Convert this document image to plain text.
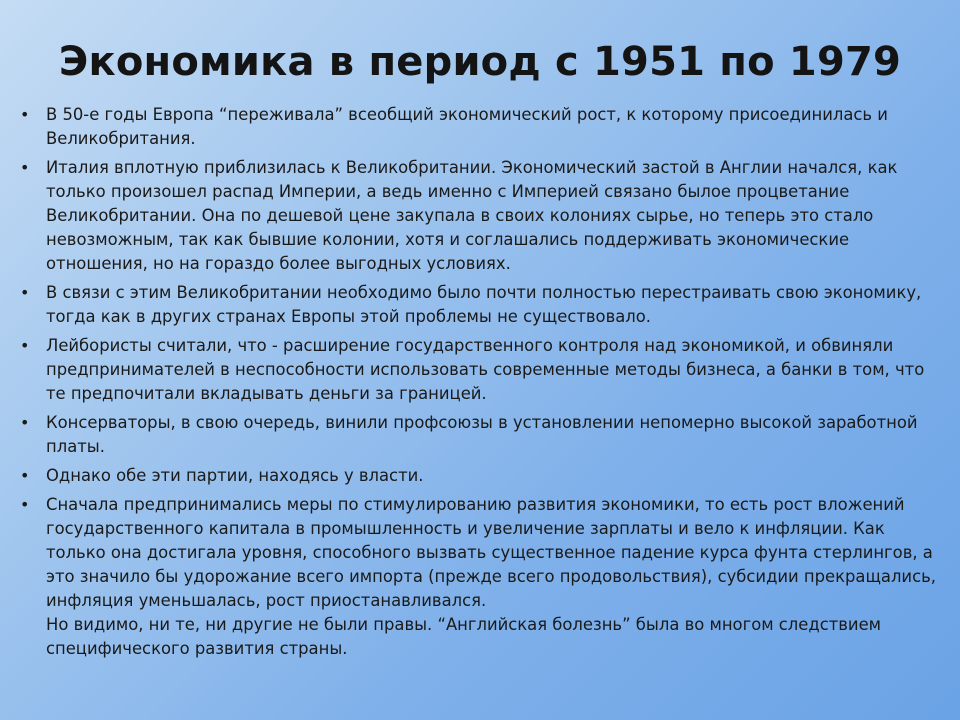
Экономика в период с 1951 по 1979
• В 50-е годы Европа “переживала” всеобщий экономический рост, к которому присоединилась и Великобритания.
• Италия вплотную приблизилась к Великобритании. Экономический застой в Англии начался, как только произошел распад Империи, а ведь именно с Империей связано былое процветание Великобритании. Она по дешевой цене закупала в своих колониях сырье, но теперь это стало невозможным, так как бывшие колонии, хотя и соглашались поддерживать экономические отношения, но на гораздо более выгодных условиях.
• В связи с этим Великобритании необходимо было почти полностью перестраивать свою экономику, тогда как в других странах Европы этой проблемы не существовало.
• Лейбористы считали, что - расширение государственного контроля над экономикой, и обвиняли предпринимателей в неспособности использовать современные методы бизнеса, а банки в том, что те предпочитали вкладывать деньги за границей.
• Консерваторы, в свою очередь, винили профсоюзы в установлении непомерно высокой заработной платы.
• Однако обе эти партии, находясь у власти.
• Сначала предпринимались меры по стимулированию развития экономики, то есть рост вложений государственного капитала в промышленность и увеличение зарплаты и вело к инфляции. Как только она достигала уровня, способного вызвать существенное падение курса фунта стерлингов, а это значило бы удорожание всего импорта (прежде всего продовольствия), субсидии прекращались, инфляция уменьшалась, рост приостанавливался.
Но видимо, ни те, ни другие не были правы. “Английская болезнь” была во многом следствием специфического развития страны.
